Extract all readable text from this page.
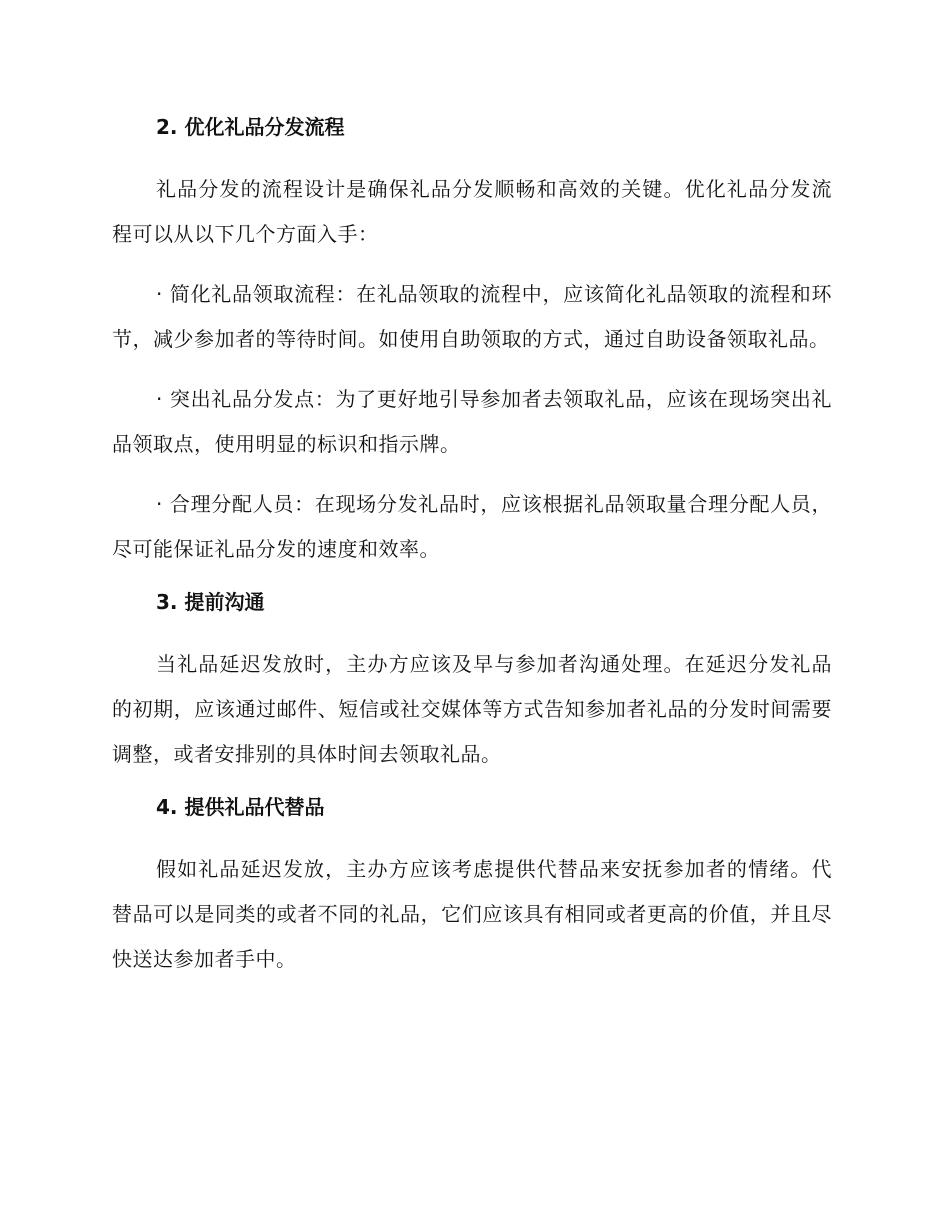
2. 优化礼品分发流程

礼品分发的流程设计是确保礼品分发顺畅和高效的关键。优化礼品分发流程可以从以下几个方面入手：

· 简化礼品领取流程：在礼品领取的流程中，应该简化礼品领取的流程和环节，减少参加者的等待时间。如使用自助领取的方式，通过自助设备领取礼品。

· 突出礼品分发点：为了更好地引导参加者去领取礼品，应该在现场突出礼品领取点，使用明显的标识和指示牌。

· 合理分配人员：在现场分发礼品时，应该根据礼品领取量合理分配人员，尽可能保证礼品分发的速度和效率。

3. 提前沟通

当礼品延迟发放时，主办方应该及早与参加者沟通处理。在延迟分发礼品的初期，应该通过邮件、短信或社交媒体等方式告知参加者礼品的分发时间需要调整，或者安排别的具体时间去领取礼品。

4. 提供礼品代替品

假如礼品延迟发放，主办方应该考虑提供代替品来安抚参加者的情绪。代替品可以是同类的或者不同的礼品，它们应该具有相同或者更高的价值，并且尽快送达参加者手中。
